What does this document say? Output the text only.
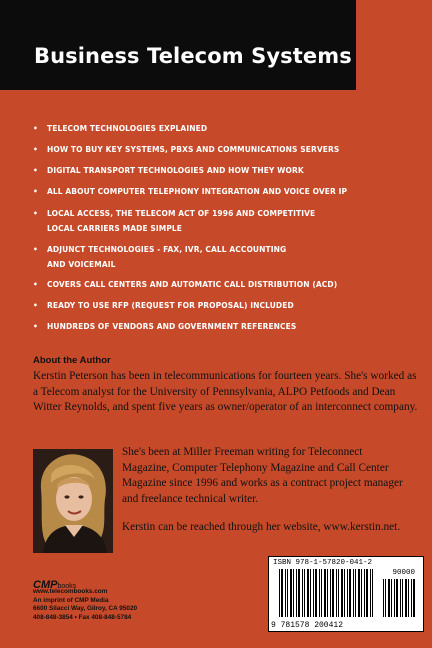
Business Telecom Systems
• TELECOM TECHNOLOGIES EXPLAINED
• HOW TO BUY KEY SYSTEMS, PBXS AND COMMUNICATIONS SERVERS
• DIGITAL TRANSPORT TECHNOLOGIES AND HOW THEY WORK
• ALL ABOUT COMPUTER TELEPHONY INTEGRATION AND VOICE OVER IP
• LOCAL ACCESS, THE TELECOM ACT OF 1996 AND COMPETITIVE
LOCAL CARRIERS MADE SIMPLE
• ADJUNCT TECHNOLOGIES - FAX, IVR, CALL ACCOUNTING
AND VOICEMAIL
• COVERS CALL CENTERS AND AUTOMATIC CALL DISTRIBUTION (ACD)
• READY TO USE RFP (REQUEST FOR PROPOSAL) INCLUDED
• HUNDREDS OF VENDORS AND GOVERNMENT REFERENCES
About the Author

Kerstin Peterson has been in telecommunications for fourteen years. She's worked as a Telecom analyst for the University of Pennsylvania, ALPO Petfoods and Dean Witter Reynolds, and spent five years as owner/operator of an interconnect company.

She's been at Miller Freeman writing for Teleconnect Magazine, Computer Telephony Magazine and Call Center Magazine since 1996 and works as a contract project manager and freelance technical writer.

Kerstin can be reached through her website, www.kerstin.net.

CMPbooks
www.telecombooks.com
An imprint of CMP Media
6600 Silacci Way, Gilroy, CA 95020
408-848-3854 • Fax 408-848-5784
ISBN 978-1-57820-041-2
90000
9 781578 200412
